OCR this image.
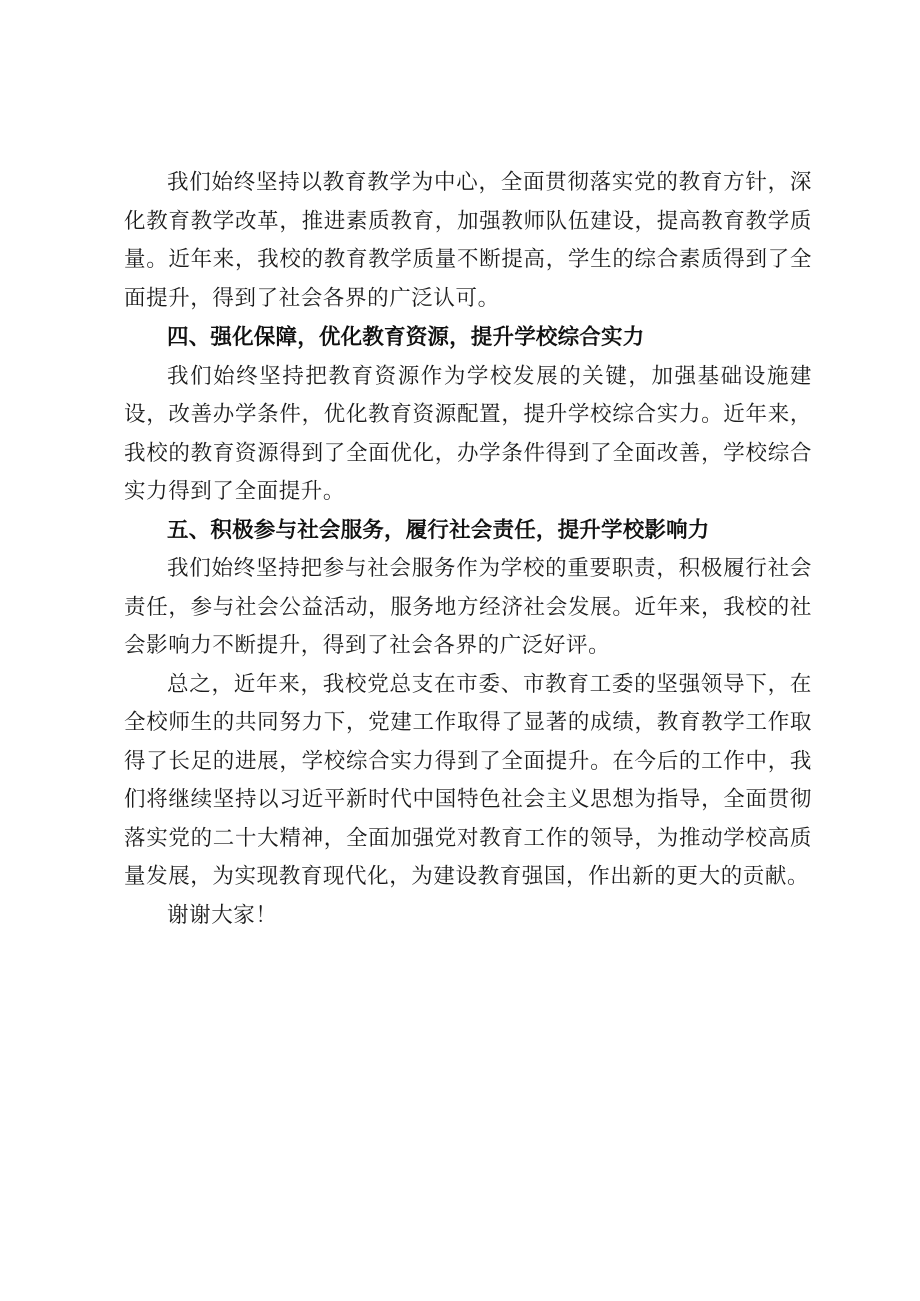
我们始终坚持以教育教学为中心，全面贯彻落实党的教育方针，深化教育教学改革，推进素质教育，加强教师队伍建设，提高教育教学质量。近年来，我校的教育教学质量不断提高，学生的综合素质得到了全面提升，得到了社会各界的广泛认可。

四、强化保障，优化教育资源，提升学校综合实力

我们始终坚持把教育资源作为学校发展的关键，加强基础设施建设，改善办学条件，优化教育资源配置，提升学校综合实力。近年来，我校的教育资源得到了全面优化，办学条件得到了全面改善，学校综合实力得到了全面提升。

五、积极参与社会服务，履行社会责任，提升学校影响力

我们始终坚持把参与社会服务作为学校的重要职责，积极履行社会责任，参与社会公益活动，服务地方经济社会发展。近年来，我校的社会影响力不断提升，得到了社会各界的广泛好评。

总之，近年来，我校党总支在市委、市教育工委的坚强领导下，在全校师生的共同努力下，党建工作取得了显著的成绩，教育教学工作取得了长足的进展，学校综合实力得到了全面提升。在今后的工作中，我们将继续坚持以习近平新时代中国特色社会主义思想为指导，全面贯彻落实党的二十大精神，全面加强党对教育工作的领导，为推动学校高质量发展，为实现教育现代化，为建设教育强国，作出新的更大的贡献。

谢谢大家！
